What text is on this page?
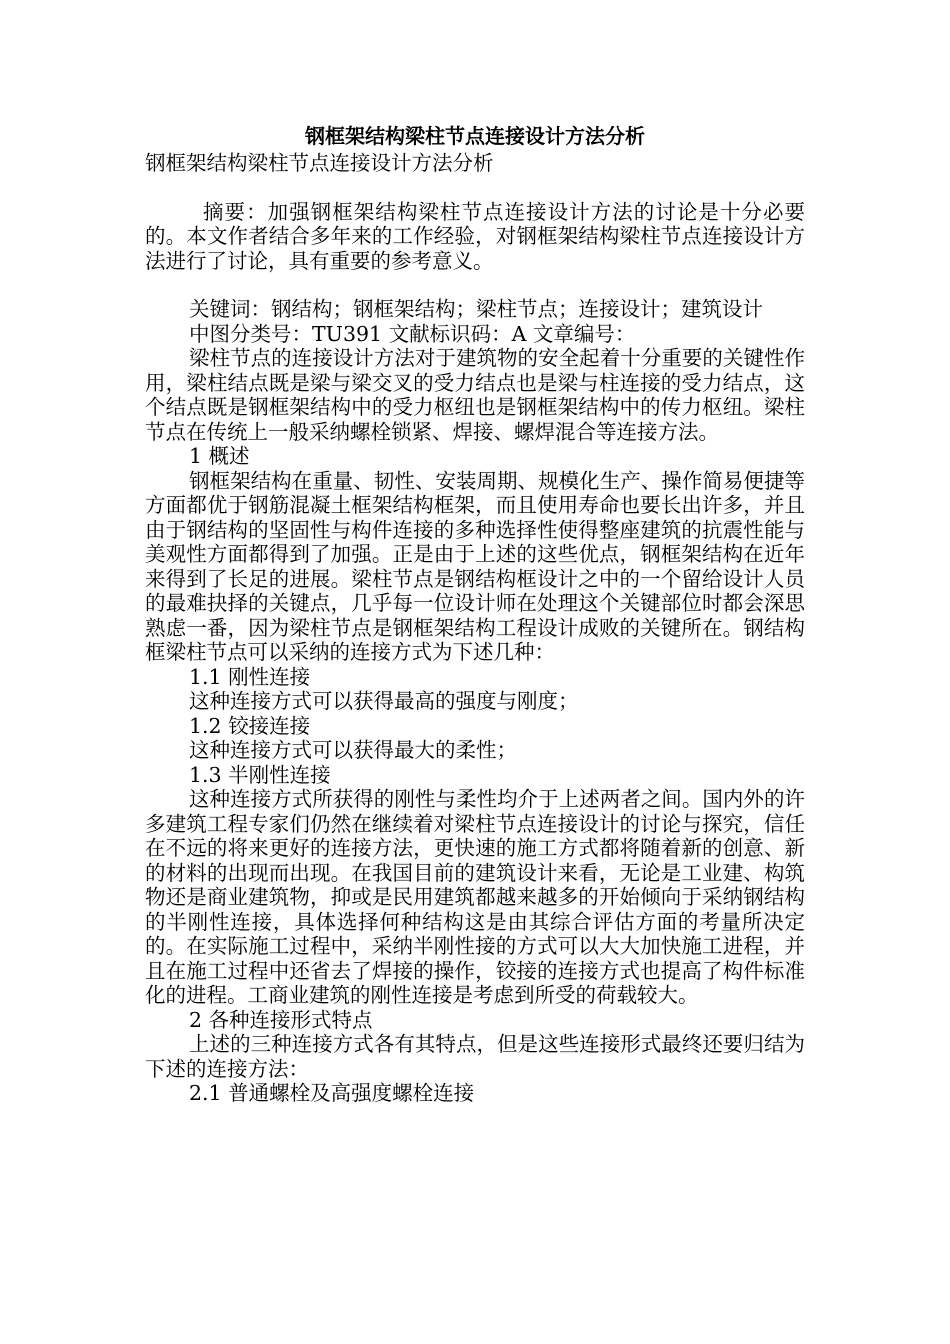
钢框架结构梁柱节点连接设计方法分析
钢框架结构梁柱节点连接设计方法分析

摘要：加强钢框架结构梁柱节点连接设计方法的讨论是十分必要的。本文作者结合多年来的工作经验，对钢框架结构梁柱节点连接设计方法进行了讨论，具有重要的参考意义。

关键词：钢结构；钢框架结构；梁柱节点；连接设计；建筑设计

中图分类号：TU391 文献标识码：A 文章编号：

梁柱节点的连接设计方法对于建筑物的安全起着十分重要的关键性作用，梁柱结点既是梁与梁交叉的受力结点也是梁与柱连接的受力结点，这个结点既是钢框架结构中的受力枢纽也是钢框架结构中的传力枢纽。梁柱节点在传统上一般采纳螺栓锁紧、焊接、螺焊混合等连接方法。

1 概述

钢框架结构在重量、韧性、安装周期、规模化生产、操作简易便捷等方面都优于钢筋混凝土框架结构框架，而且使用寿命也要长出许多，并且由于钢结构的坚固性与构件连接的多种选择性使得整座建筑的抗震性能与美观性方面都得到了加强。正是由于上述的这些优点，钢框架结构在近年来得到了长足的进展。梁柱节点是钢结构框设计之中的一个留给设计人员的最难抉择的关键点，几乎每一位设计师在处理这个关键部位时都会深思熟虑一番，因为梁柱节点是钢框架结构工程设计成败的关键所在。钢结构框梁柱节点可以采纳的连接方式为下述几种：

1.1 刚性连接

这种连接方式可以获得最高的强度与刚度；

1.2 铰接连接

这种连接方式可以获得最大的柔性；

1.3 半刚性连接

这种连接方式所获得的刚性与柔性均介于上述两者之间。国内外的许多建筑工程专家们仍然在继续着对梁柱节点连接设计的讨论与探究，信任在不远的将来更好的连接方法，更快速的施工方式都将随着新的创意、新的材料的出现而出现。在我国目前的建筑设计来看，无论是工业建、构筑物还是商业建筑物，抑或是民用建筑都越来越多的开始倾向于采纳钢结构的半刚性连接，具体选择何种结构这是由其综合评估方面的考量所决定的。在实际施工过程中，采纳半刚性接的方式可以大大加快施工进程，并且在施工过程中还省去了焊接的操作，铰接的连接方式也提高了构件标准化的进程。工商业建筑的刚性连接是考虑到所受的荷载较大。

2 各种连接形式特点

上述的三种连接方式各有其特点，但是这些连接形式最终还要归结为下述的连接方法：

2.1 普通螺栓及高强度螺栓连接
